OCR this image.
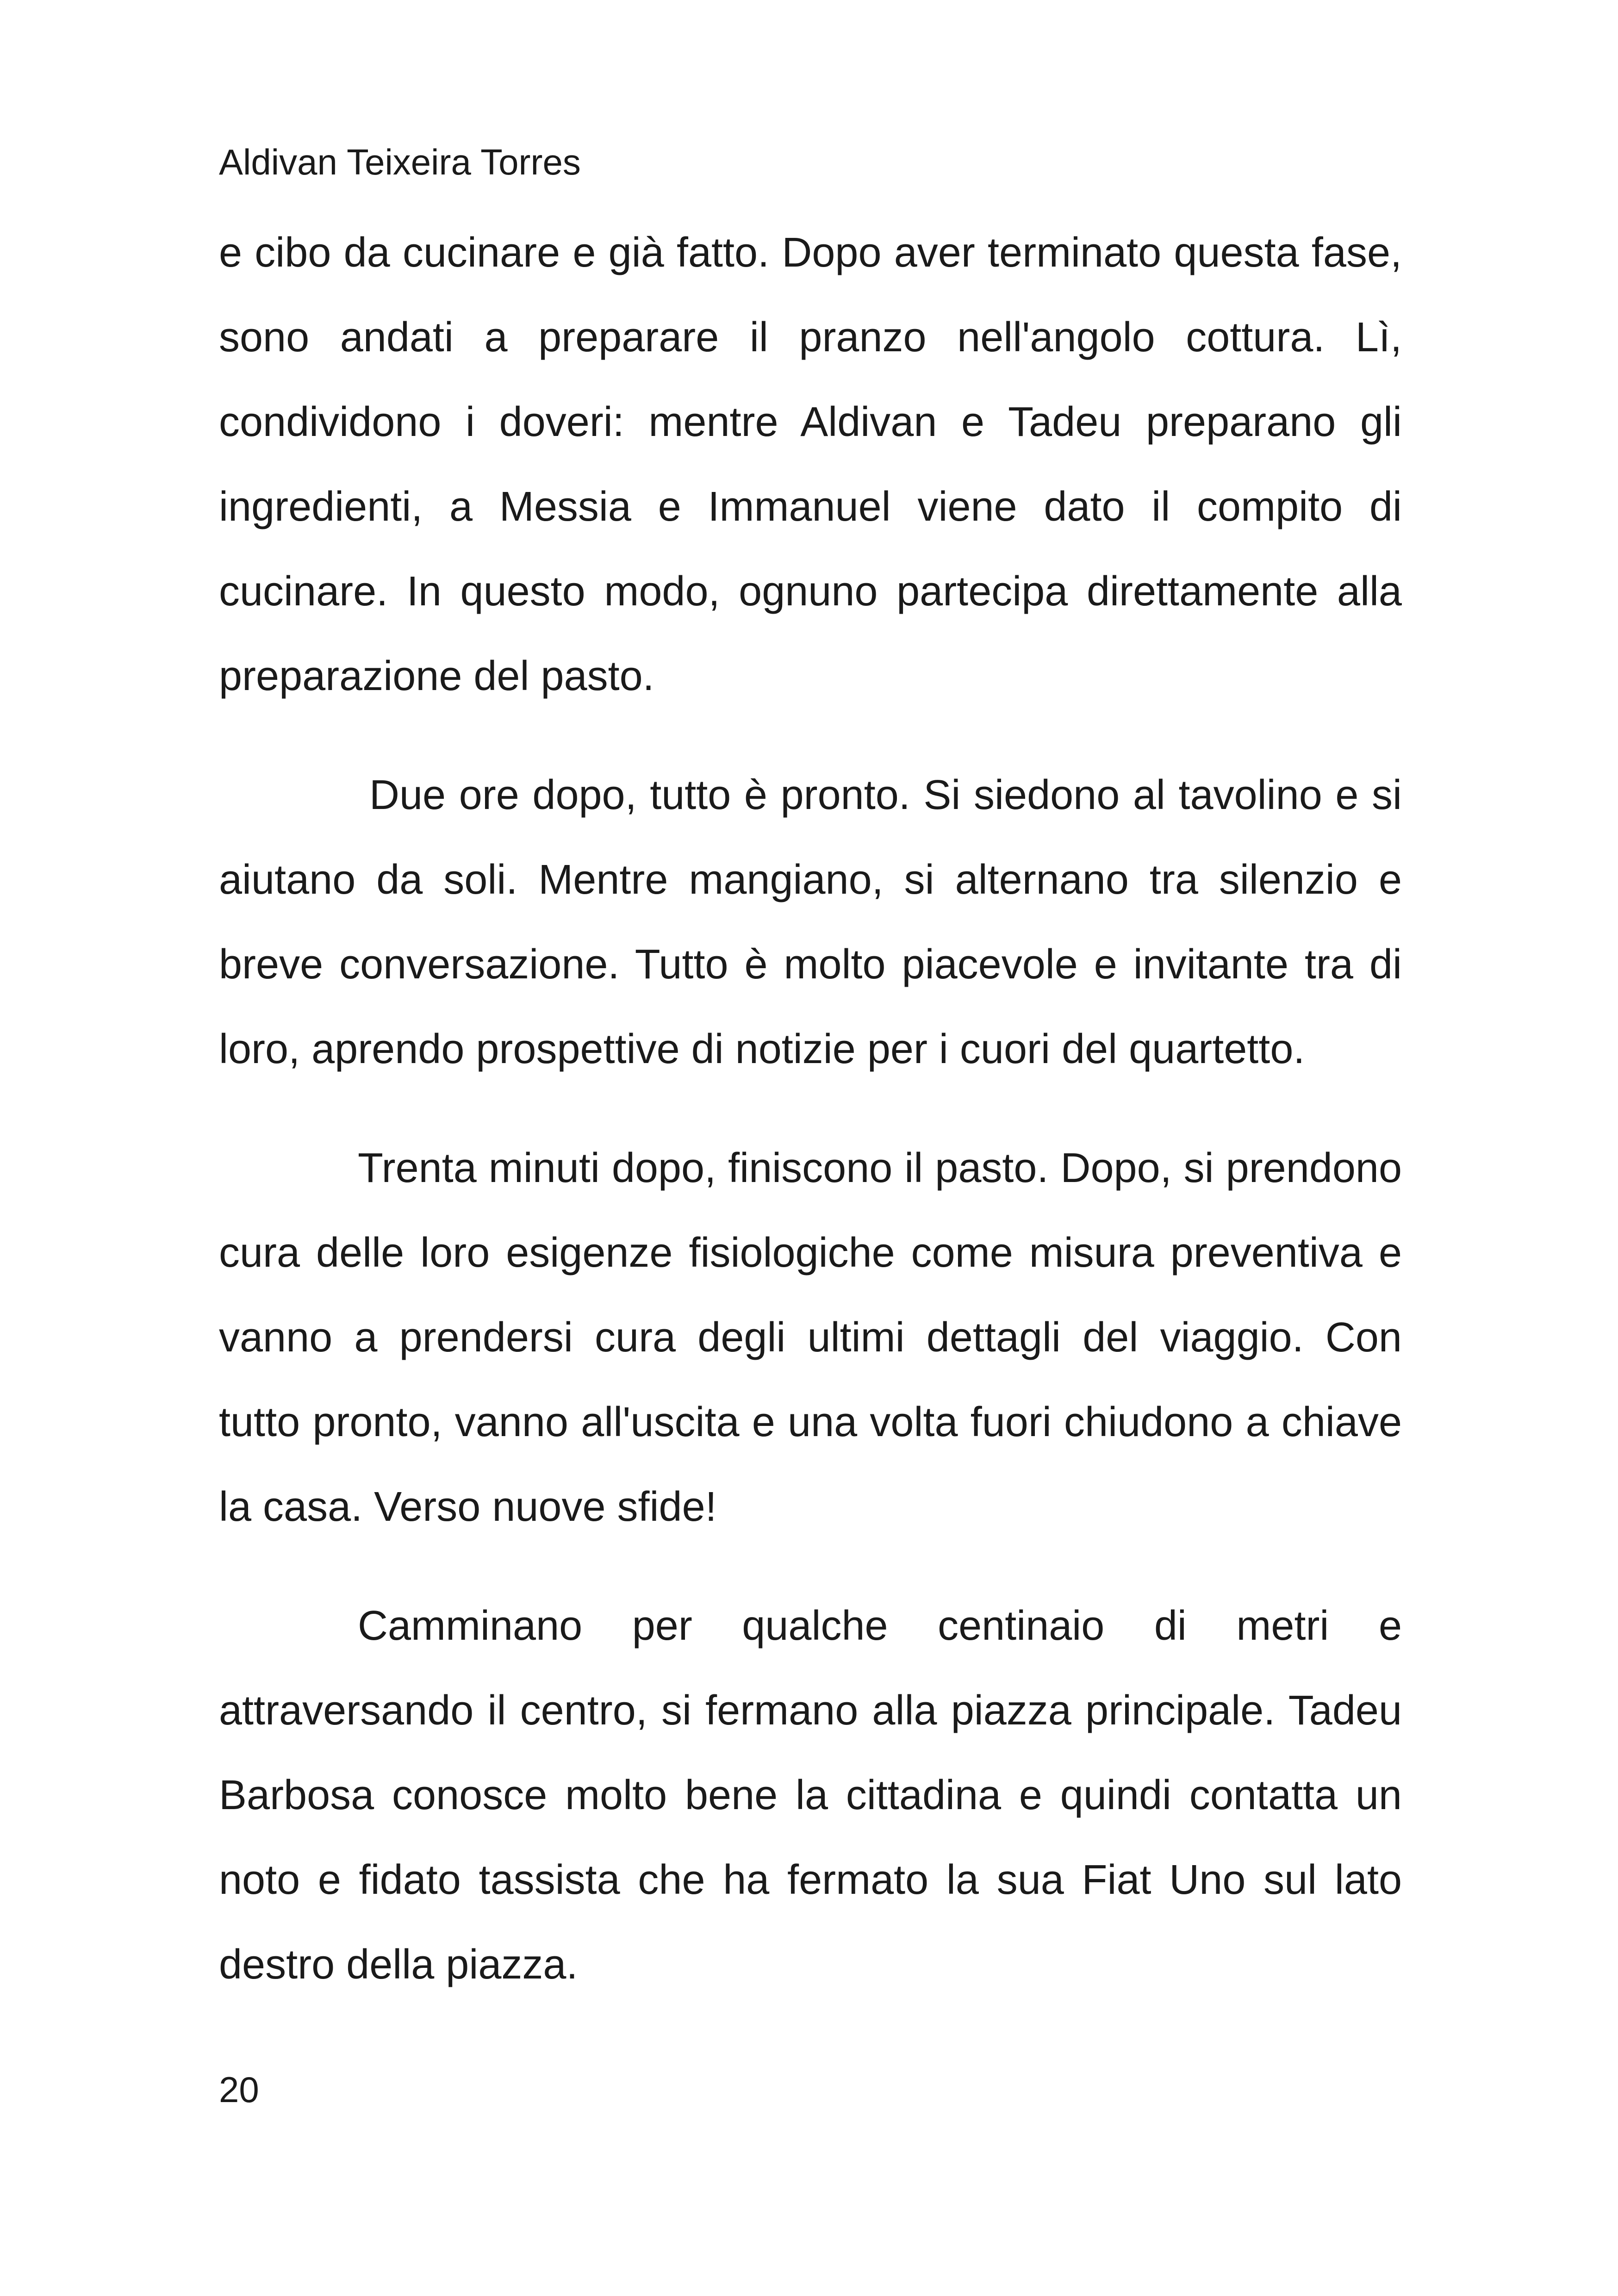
Aldivan Teixeira Torres

e cibo da cucinare e già fatto. Dopo aver terminato questa fase, sono andati a preparare il pranzo nell'angolo cottura. Lì, condividono i doveri: mentre Aldivan e Tadeu preparano gli ingredienti, a Messia e Immanuel viene dato il compito di cucinare. In questo modo, ognuno partecipa direttamente alla preparazione del pasto.

Due ore dopo, tutto è pronto. Si siedono al tavolino e si aiutano da soli. Mentre mangiano, si alternano tra silenzio e breve conversazione. Tutto è molto piacevole e invitante tra di loro, aprendo prospettive di notizie per i cuori del quartetto.

Trenta minuti dopo, finiscono il pasto. Dopo, si prendono cura delle loro esigenze fisiologiche come misura preventiva e vanno a prendersi cura degli ultimi dettagli del viaggio. Con tutto pronto, vanno all'uscita e una volta fuori chiudono a chiave la casa. Verso nuove sfide!

Camminano per qualche centinaio di metri e attraversando il centro, si fermano alla piazza principale. Tadeu Barbosa conosce molto bene la cittadina e quindi contatta un noto e fidato tassista che ha fermato la sua Fiat Uno sul lato destro della piazza.

20
